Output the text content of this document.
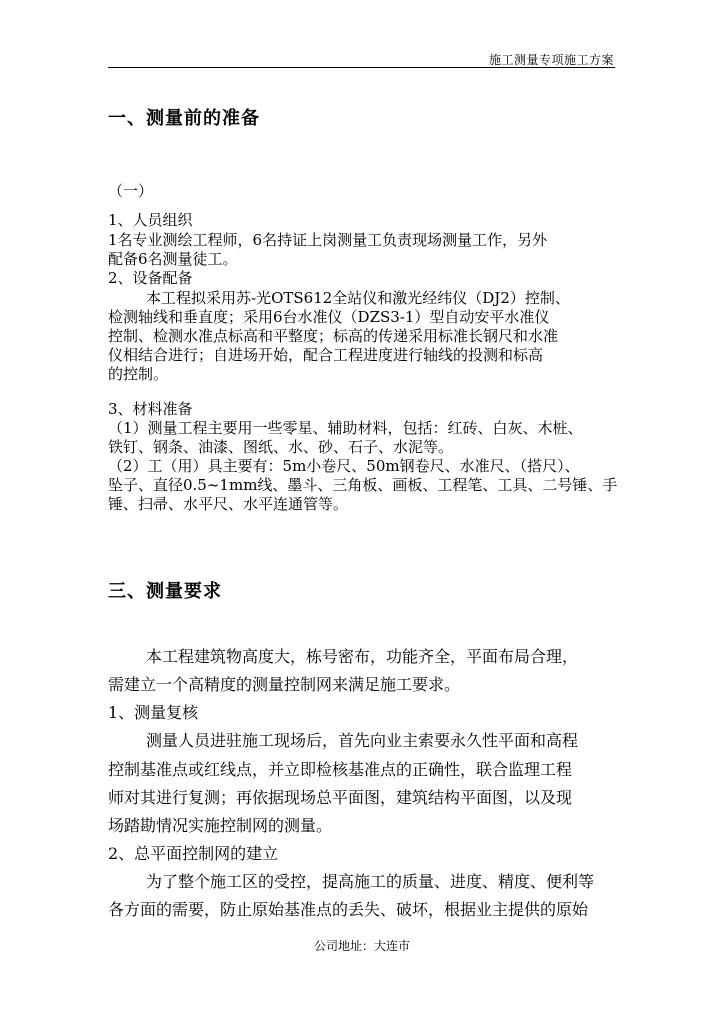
施工测量专项施工方案
一、测量前的准备
（一）
1、人员组织
1名专业测绘工程师，6名持证上岗测量工负责现场测量工作，另外
配备6名测量徒工。
2、设备配备
本工程拟采用苏-光OTS612全站仪和激光经纬仪（DJ2）控制、
检测轴线和垂直度；采用6台水准仪（DZS3-1）型自动安平水准仪
控制、检测水准点标高和平整度；标高的传递采用标准长钢尺和水准
仪相结合进行；自进场开始，配合工程进度进行轴线的投测和标高
的控制。
3、材料准备
（1）测量工程主要用一些零星、辅助材料，包括：红砖、白灰、木桩、
铁钉、钢条、油漆、图纸、水、砂、石子、水泥等。
（2）工（用）具主要有：5m小卷尺、50m钢卷尺、水准尺、（搭尺）、
坠子、直径0.5~1mm线、墨斗、三角板、画板、工程笔、工具、二号锤、手
锤、扫帚、水平尺、水平连通管等。
三、测量要求
本工程建筑物高度大，栋号密布，功能齐全，平面布局合理，
需建立一个高精度的测量控制网来满足施工要求。
1、测量复核
测量人员进驻施工现场后，首先向业主索要永久性平面和高程
控制基准点或红线点，并立即检核基准点的正确性，联合监理工程
师对其进行复测；再依据现场总平面图，建筑结构平面图，以及现
场踏勘情况实施控制网的测量。
2、总平面控制网的建立
为了整个施工区的受控，提高施工的质量、进度、精度、便利等
各方面的需要，防止原始基准点的丢失、破坏，根据业主提供的原始
公司地址：大连市
